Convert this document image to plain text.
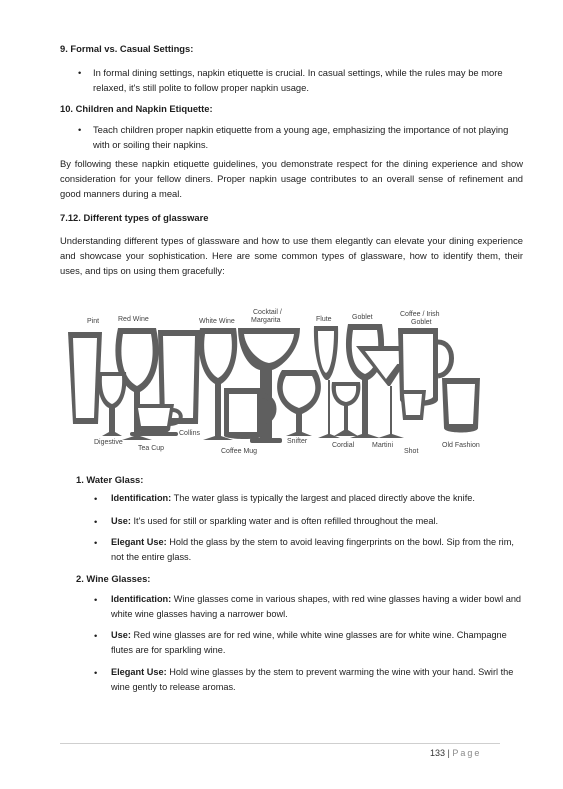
9. Formal vs. Casual Settings:

• In formal dining settings, napkin etiquette is crucial. In casual settings, while the rules may be more relaxed, it's still polite to follow proper napkin usage.

10. Children and Napkin Etiquette:

• Teach children proper napkin etiquette from a young age, emphasizing the importance of not playing with or soiling their napkins.

By following these napkin etiquette guidelines, you demonstrate respect for the dining experience and show consideration for your fellow diners. Proper napkin usage contributes to an overall sense of refinement and good manners during a meal.

7.12. Different types of glassware

Understanding different types of glassware and how to use them elegantly can elevate your dining experience and showcase your sophistication. Here are some common types of glassware, how to identify them, their uses, and tips on using them gracefully:

Pint	Red Wine	White Wine
Cocktail /
Margarita	Flute	Goblet	Coffee / Irish
Goblet
Digestive
Tea Cup
Collins
Coffee Mug
Snifter
Cordial	Martini
Shot
Old Fashion

1. Water Glass:

• Identification: The water glass is typically the largest and placed directly above the knife.

• Use: It's used for still or sparkling water and is often refilled throughout the meal.

• Elegant Use: Hold the glass by the stem to avoid leaving fingerprints on the bowl. Sip from the rim, not the entire glass.

2. Wine Glasses:

• Identification: Wine glasses come in various shapes, with red wine glasses having a wider bowl and white wine glasses having a narrower bowl.

• Use: Red wine glasses are for red wine, while white wine glasses are for white wine. Champagne flutes are for sparkling wine.

• Elegant Use: Hold wine glasses by the stem to prevent warming the wine with your hand. Swirl the wine gently to release aromas.

133 | Page
